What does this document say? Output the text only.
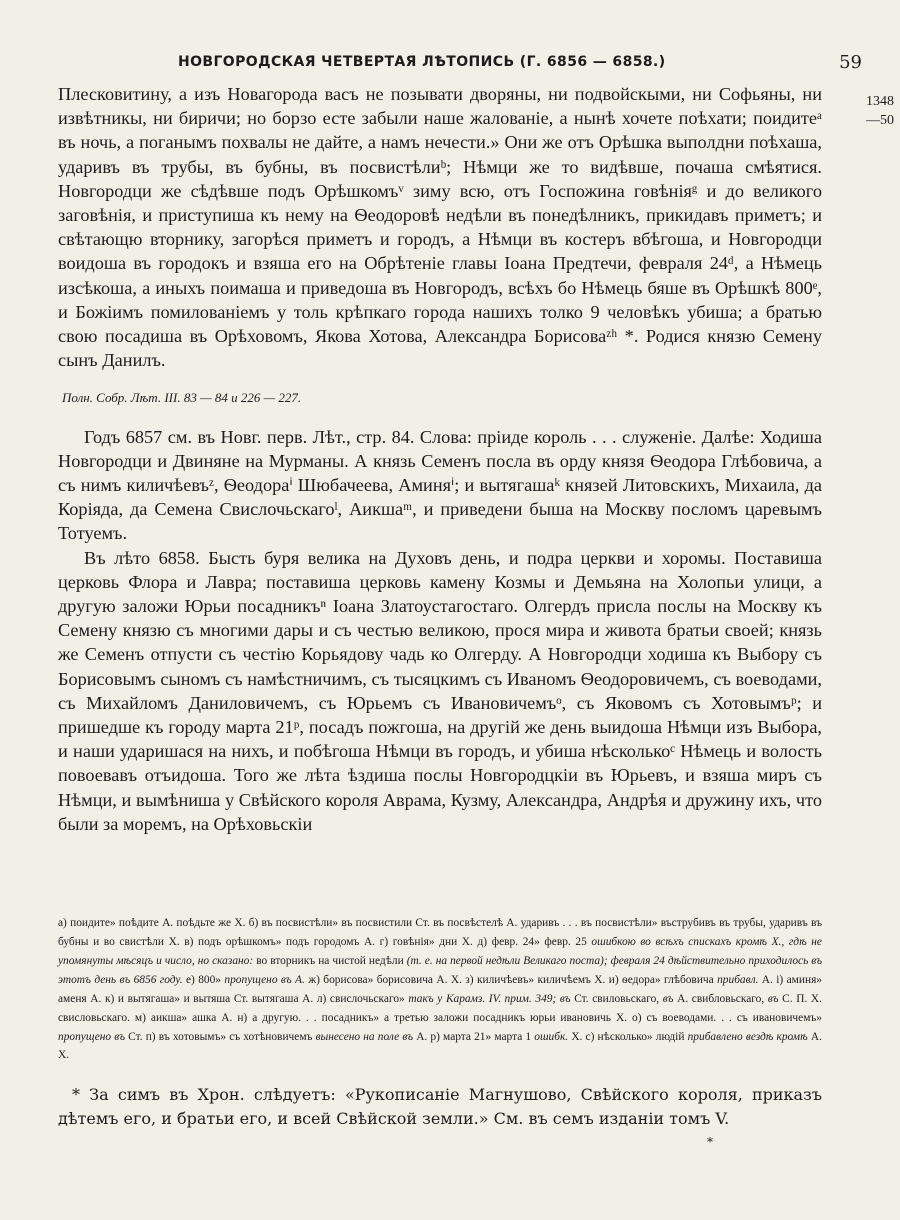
НОВГОРОДСКАЯ ЧЕТВЕРТАЯ ЛѢТОПИСЬ (Г. 6856 — 6858.)	59
1348
—50

Плесковитину, а изъ Новагорода васъ не позывати дворяны, ни подвойскыми, ни Софьяны, ни извѣтникы, ни биричи; но борзо есте забыли наше жалованіе, а нынѣ хочете поѣхати; поидитеᵃ въ ночь, а поганымъ похвалы не дайте, а намъ нечести.» Они же отъ Орѣшка выполдни поѣхаша, ударивъ въ трубы, въ бубны, въ посвистѣлиᵇ; Нѣмци же то видѣвше, почаша смѣятися. Новгородци же сѣдѣвше подъ Орѣшкомъᵛ зиму всю, отъ Госпожина говѣніяᵍ и до великого заговѣнія, и приступиша къ нему на Ѳеодоровѣ недѣли въ понедѣлникъ, прикидавъ приметъ; и свѣтающю вторнику, загорѣся приметъ и городъ, а Нѣмци въ костеръ вбѣгоша, и Новгородци воидоша въ городокъ и взяша его на Обрѣтеніе главы Іоана Предтечи, февраля 24ᵈ, а Нѣмець изсѣкоша, а иныхъ поимаша и приведоша въ Новгородъ, всѣхъ бо Нѣмець бяше въ Орѣшкѣ 800ᵉ, и Божіимъ помилованіемъ у толь крѣпкаго города нашихъ толко 9 человѣкъ убиша; а братью свою посадиша въ Орѣховомъ, Якова Хотова, Александра Борисоваᶻʰ *. Родися князю Семену сынъ Данилъ.

Полн. Собр. Лѣт. III. 83 — 84 и 226 — 227.

Годъ 6857 см. въ Новг. перв. Лѣт., стр. 84. Слова: пріиде король . . . служеніе. Далѣе: Ходиша Новгородци и Двиняне на Мурманы. А князь Семенъ посла въ орду князя Ѳеодора Глѣбовича, а съ нимъ киличѣевъᶻ, Ѳеодораⁱ Шюбачеева, Аминяⁱ; и вытягашаᵏ князей Литовскихъ, Михаила, да Коріяда, да Семена Свислочьскагоˡ, Аикшаᵐ, и приведени быша на Москву посломъ царевымъ Тотуемъ.

Въ лѣто 6858. Бысть буря велика на Духовъ день, и подра церкви и хоромы. Поставиша церковь Флора и Лавра; поставиша церковь камену Козмы и Демьяна на Холопьи улици, а другую заложи Юрьи посадникъⁿ Іоана Златоустагостаго. Олгердъ присла послы на Москву къ Семену князю съ многими дары и съ честью великою, прося мира и живота братьи своей; князь же Семенъ отпусти съ честію Корьядову чадь ко Олгерду. А Новгородци ходиша къ Выбору съ Борисовымъ сыномъ съ намѣстничимъ, съ тысяцкимъ съ Иваномъ Ѳеодоровичемъ, съ воеводами, съ Михайломъ Даниловичемъ, съ Юрьемъ съ Ивановичемъᵒ, съ Яковомъ съ Хотовымъᵖ; и пришедше къ городу марта 21ᵖ, посадъ пожгоша, на другій же день выидоша Нѣмци изъ Выбора, и наши ударишася на нихъ, и побѣгоша Нѣмци въ городъ, и убиша нѣсколькоᶜ Нѣмець и волость повоевавъ отъидоша. Того же лѣта ѣздиша послы Новгородцкіи въ Юрьевъ, и взяша миръ съ Нѣмци, и вымѣниша у Свѣйского короля Аврама, Кузму, Александра, Андрѣя и дружину ихъ, что были за моремъ, на Орѣховьскіи

а) поидите» поѣдите А. поѣдьте же Х. б) въ посвистѣли» въ посвистили Ст. въ посвѣстелѣ А. ударивъ . . . въ посвистѣли» въструбивъ въ трубы, ударивъ въ бубны и во свистѣли Х. в) подъ орѣшкомъ» подъ городомъ А. г) говѣнія» дни Х. д) февр. 24» февр. 25 ошибкою во всѣхъ спискахъ кромѣ Х., гдѣ не упомянуты мѣсяцъ и число, но сказано: во вторникъ на чистой недѣли (т. е. на первой недѣли Великаго поста); февраля 24 дѣйствительно приходилось въ этотъ день въ 6856 году. е) 800» пропущено въ А. ж) борисова» борисовича А. Х. з) киличѣевъ» киличѣемъ Х. и) ѳедора» глѣбовича прибавл. А. і) аминя» аменя А. к) и вытягаша» и вытяша Ст. вытягаша А. л) свислочьскаго» такъ у Карамз. IV. прим. 349; въ Ст. свиловьскаго, въ А. свибловьскаго, въ С. П. Х. свисловьскаго. м) аикша» ашка А. н) а другую. . . посадникъ» а третью заложи посадникъ юрьи ивановичь Х. о) съ воеводами. . . съ ивановичемъ» пропущено въ Ст. п) въ хотовымъ» съ хотѣновичемъ вынесено на поле въ А. р) марта 21» марта 1 ошибк. Х. с) нѣсколько» людій прибавлено вездѣ кромѣ А. Х.
* За симъ въ Хрон. слѣдуетъ: «Рукописаніе Магнушово, Свѣйского короля, приказъ дѣтемъ его, и братьи его, и всей Свѣйской земли.» См. въ семъ изданіи томъ V.
*
